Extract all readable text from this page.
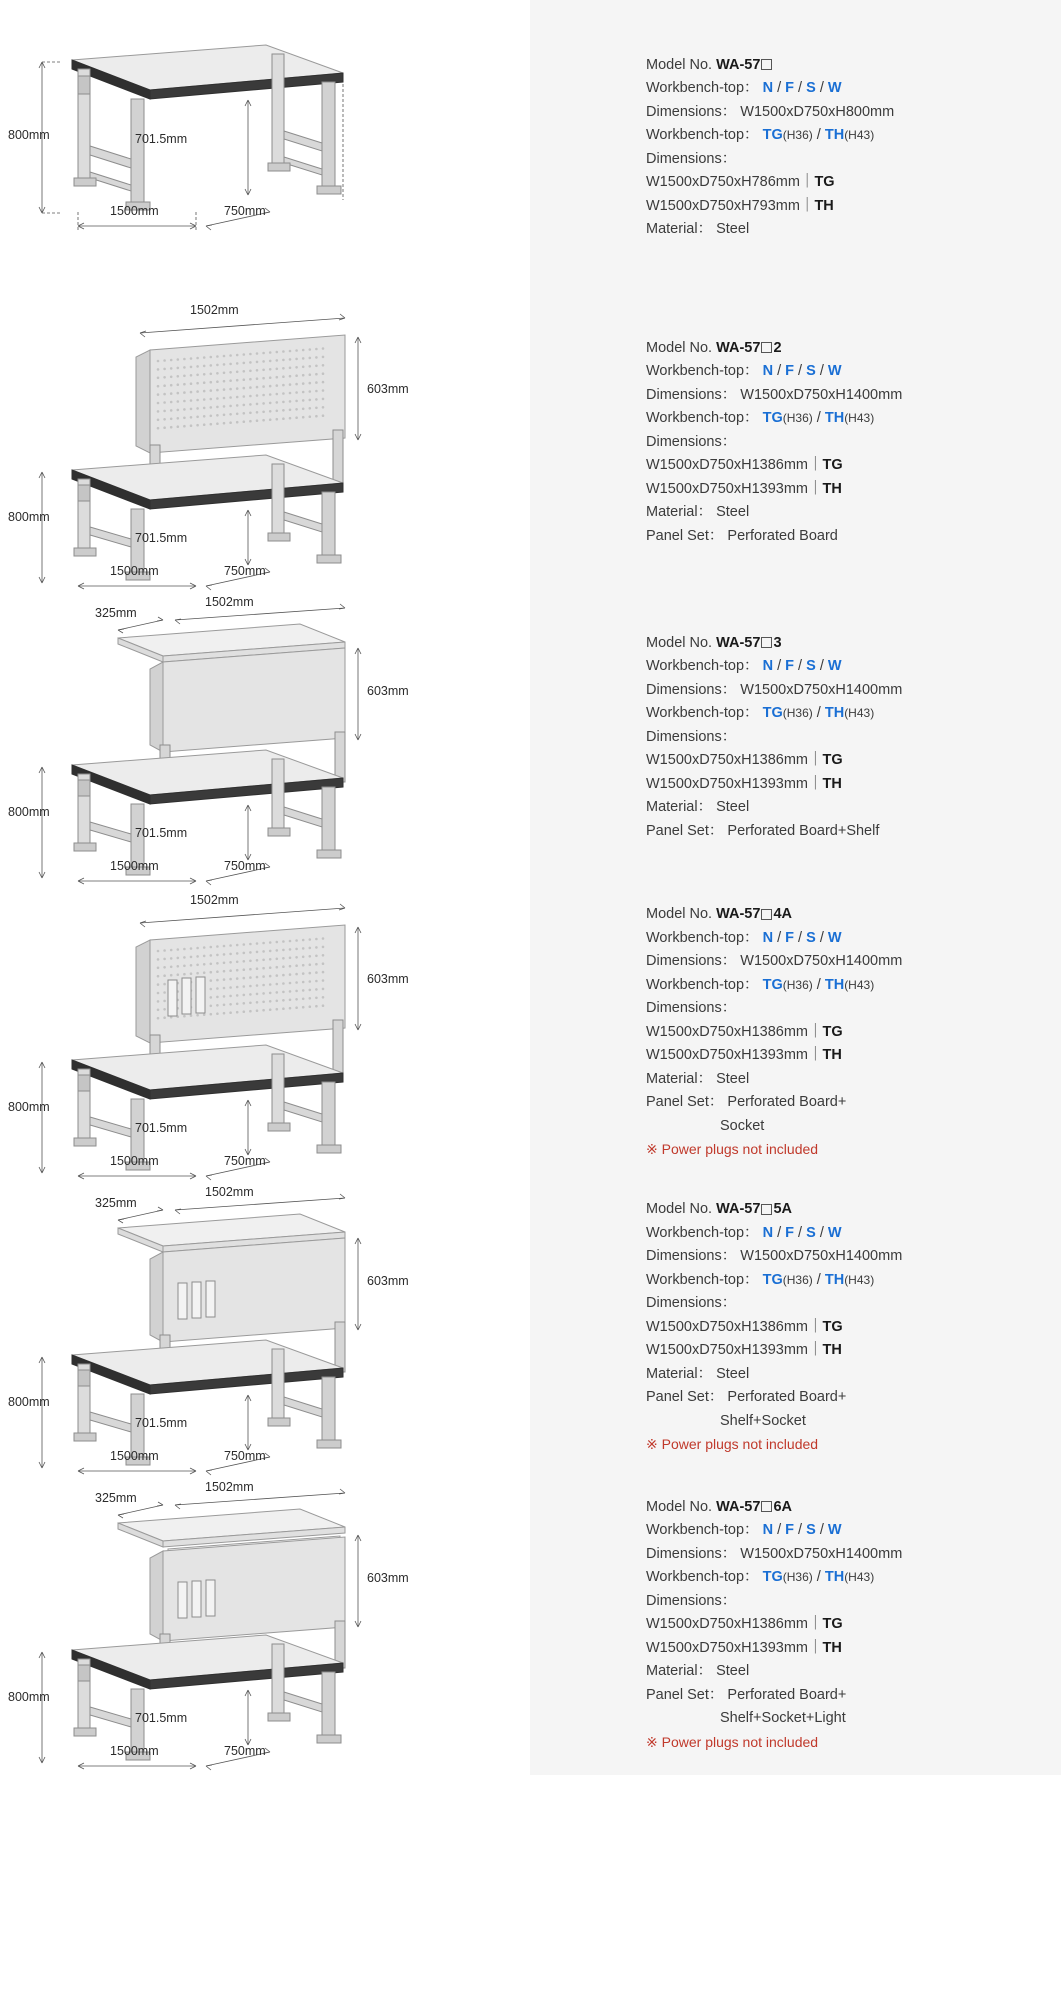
800mm	701.5mm
1500mm	750mm
Model No. WA-57
Workbench-top： N / F / S / W
Dimensions： W1500xD750xH800mm
Workbench-top： TG(H36) / TH(H43)
Dimensions：
W1500xD750xH786mm｜TG
W1500xD750xH793mm｜TH
Material： Steel
1502mm
603mm
800mm
701.5mm
1500mm	750mm
Model No. WA-57 2
Workbench-top： N / F / S / W
Dimensions： W1500xD750xH1400mm
Workbench-top： TG(H36) / TH(H43)
Dimensions：
W1500xD750xH1386mm｜TG
W1500xD750xH1393mm｜TH
Material： Steel
Panel Set： Perforated Board
325mm
1502mm
603mm
800mm
701.5mm
1500mm	750mm
Model No. WA-57 3
Workbench-top： N / F / S / W
Dimensions： W1500xD750xH1400mm
Workbench-top： TG(H36) / TH(H43)
Dimensions：
W1500xD750xH1386mm｜TG
W1500xD750xH1393mm｜TH
Material： Steel
Panel Set： Perforated Board+Shelf
1502mm
603mm
800mm
701.5mm
1500mm	750mm
Model No. WA-57 4A
Workbench-top： N / F / S / W
Dimensions： W1500xD750xH1400mm
Workbench-top： TG(H36) / TH(H43)
Dimensions：
W1500xD750xH1386mm｜TG
W1500xD750xH1393mm｜TH
Material： Steel
Panel Set： Perforated Board+
Socket
※ Power plugs not included
325mm
1502mm
603mm
800mm
701.5mm
1500mm	750mm
Model No. WA-57 5A
Workbench-top： N / F / S / W
Dimensions： W1500xD750xH1400mm
Workbench-top： TG(H36) / TH(H43)
Dimensions：
W1500xD750xH1386mm｜TG
W1500xD750xH1393mm｜TH
Material： Steel
Panel Set： Perforated Board+
Shelf+Socket
※ Power plugs not included
325mm
1502mm
603mm
800mm
701.5mm
1500mm	750mm
Model No. WA-57 6A
Workbench-top： N / F / S / W
Dimensions： W1500xD750xH1400mm
Workbench-top： TG(H36) / TH(H43)
Dimensions：
W1500xD750xH1386mm｜TG
W1500xD750xH1393mm｜TH
Material： Steel
Panel Set： Perforated Board+
Shelf+Socket+Light
※ Power plugs not included
